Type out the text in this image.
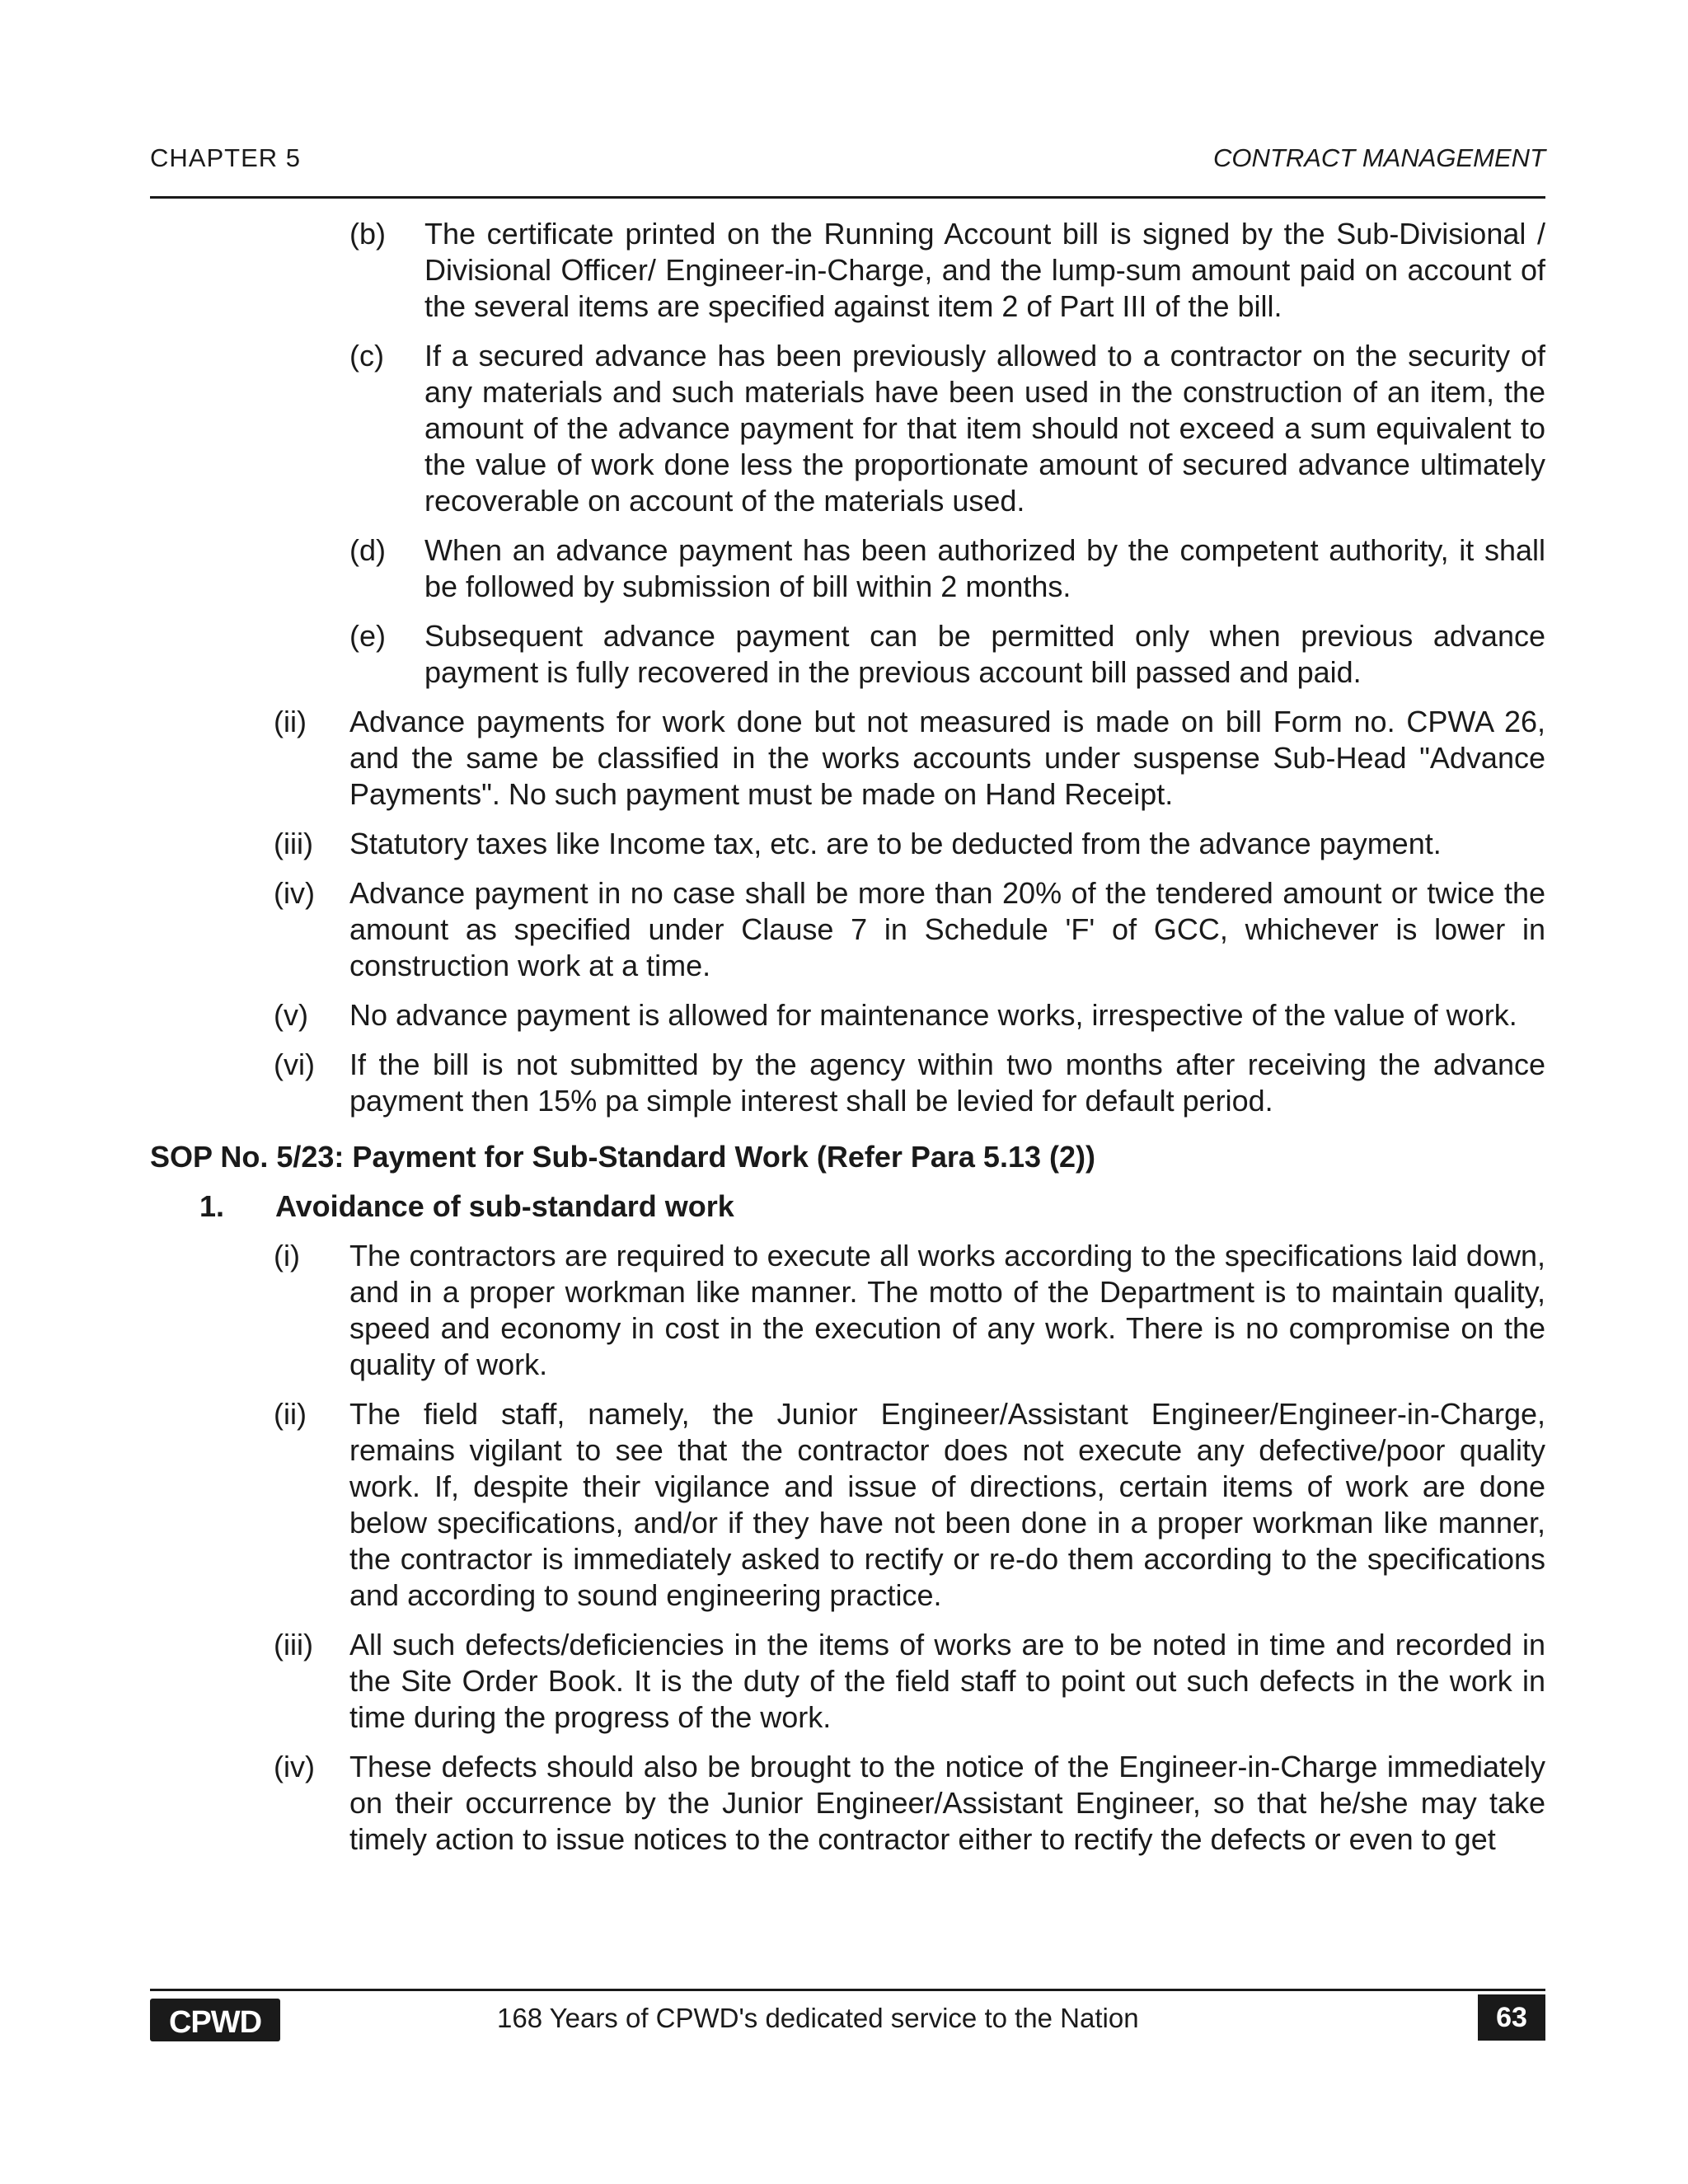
CHAPTER 5	CONTRACT MANAGEMENT
(b) The certificate printed on the Running Account bill is signed by the Sub-Divisional / Divisional Officer/ Engineer-in-Charge, and the lump-sum amount paid on account of the several items are specified against item 2 of Part III of the bill.
(c) If a secured advance has been previously allowed to a contractor on the security of any materials and such materials have been used in the construction of an item, the amount of the advance payment for that item should not exceed a sum equivalent to the value of work done less the proportionate amount of secured advance ultimately recoverable on account of the materials used.
(d) When an advance payment has been authorized by the competent authority, it shall be followed by submission of bill within 2 months.
(e) Subsequent advance payment can be permitted only when previous advance payment is fully recovered in the previous account bill passed and paid.
(ii) Advance payments for work done but not measured is made on bill Form no. CPWA 26, and the same be classified in the works accounts under suspense Sub-Head "Advance Payments". No such payment must be made on Hand Receipt.
(iii) Statutory taxes like Income tax, etc. are to be deducted from the advance payment.
(iv) Advance payment in no case shall be more than 20% of the tendered amount or twice the amount as specified under Clause 7 in Schedule 'F' of GCC, whichever is lower in construction work at a time.
(v) No advance payment is allowed for maintenance works, irrespective of the value of work.
(vi) If the bill is not submitted by the agency within two months after receiving the advance payment then 15% pa simple interest shall be levied for default period.
SOP No. 5/23: Payment for Sub-Standard Work (Refer Para 5.13 (2))
1. Avoidance of sub-standard work
(i) The contractors are required to execute all works according to the specifications laid down, and in a proper workman like manner. The motto of the Department is to maintain quality, speed and economy in cost in the execution of any work. There is no compromise on the quality of work.
(ii) The field staff, namely, the Junior Engineer/Assistant Engineer/Engineer-in-Charge, remains vigilant to see that the contractor does not execute any defective/poor quality work. If, despite their vigilance and issue of directions, certain items of work are done below specifications, and/or if they have not been done in a proper workman like manner, the contractor is immediately asked to rectify or re-do them according to the specifications and according to sound engineering practice.
(iii) All such defects/deficiencies in the items of works are to be noted in time and recorded in the Site Order Book. It is the duty of the field staff to point out such defects in the work in time during the progress of the work.
(iv) These defects should also be brought to the notice of the Engineer-in-Charge immediately on their occurrence by the Junior Engineer/Assistant Engineer, so that he/she may take timely action to issue notices to the contractor either to rectify the defects or even to get
CPWD	168 Years of CPWD's dedicated service to the Nation	63
